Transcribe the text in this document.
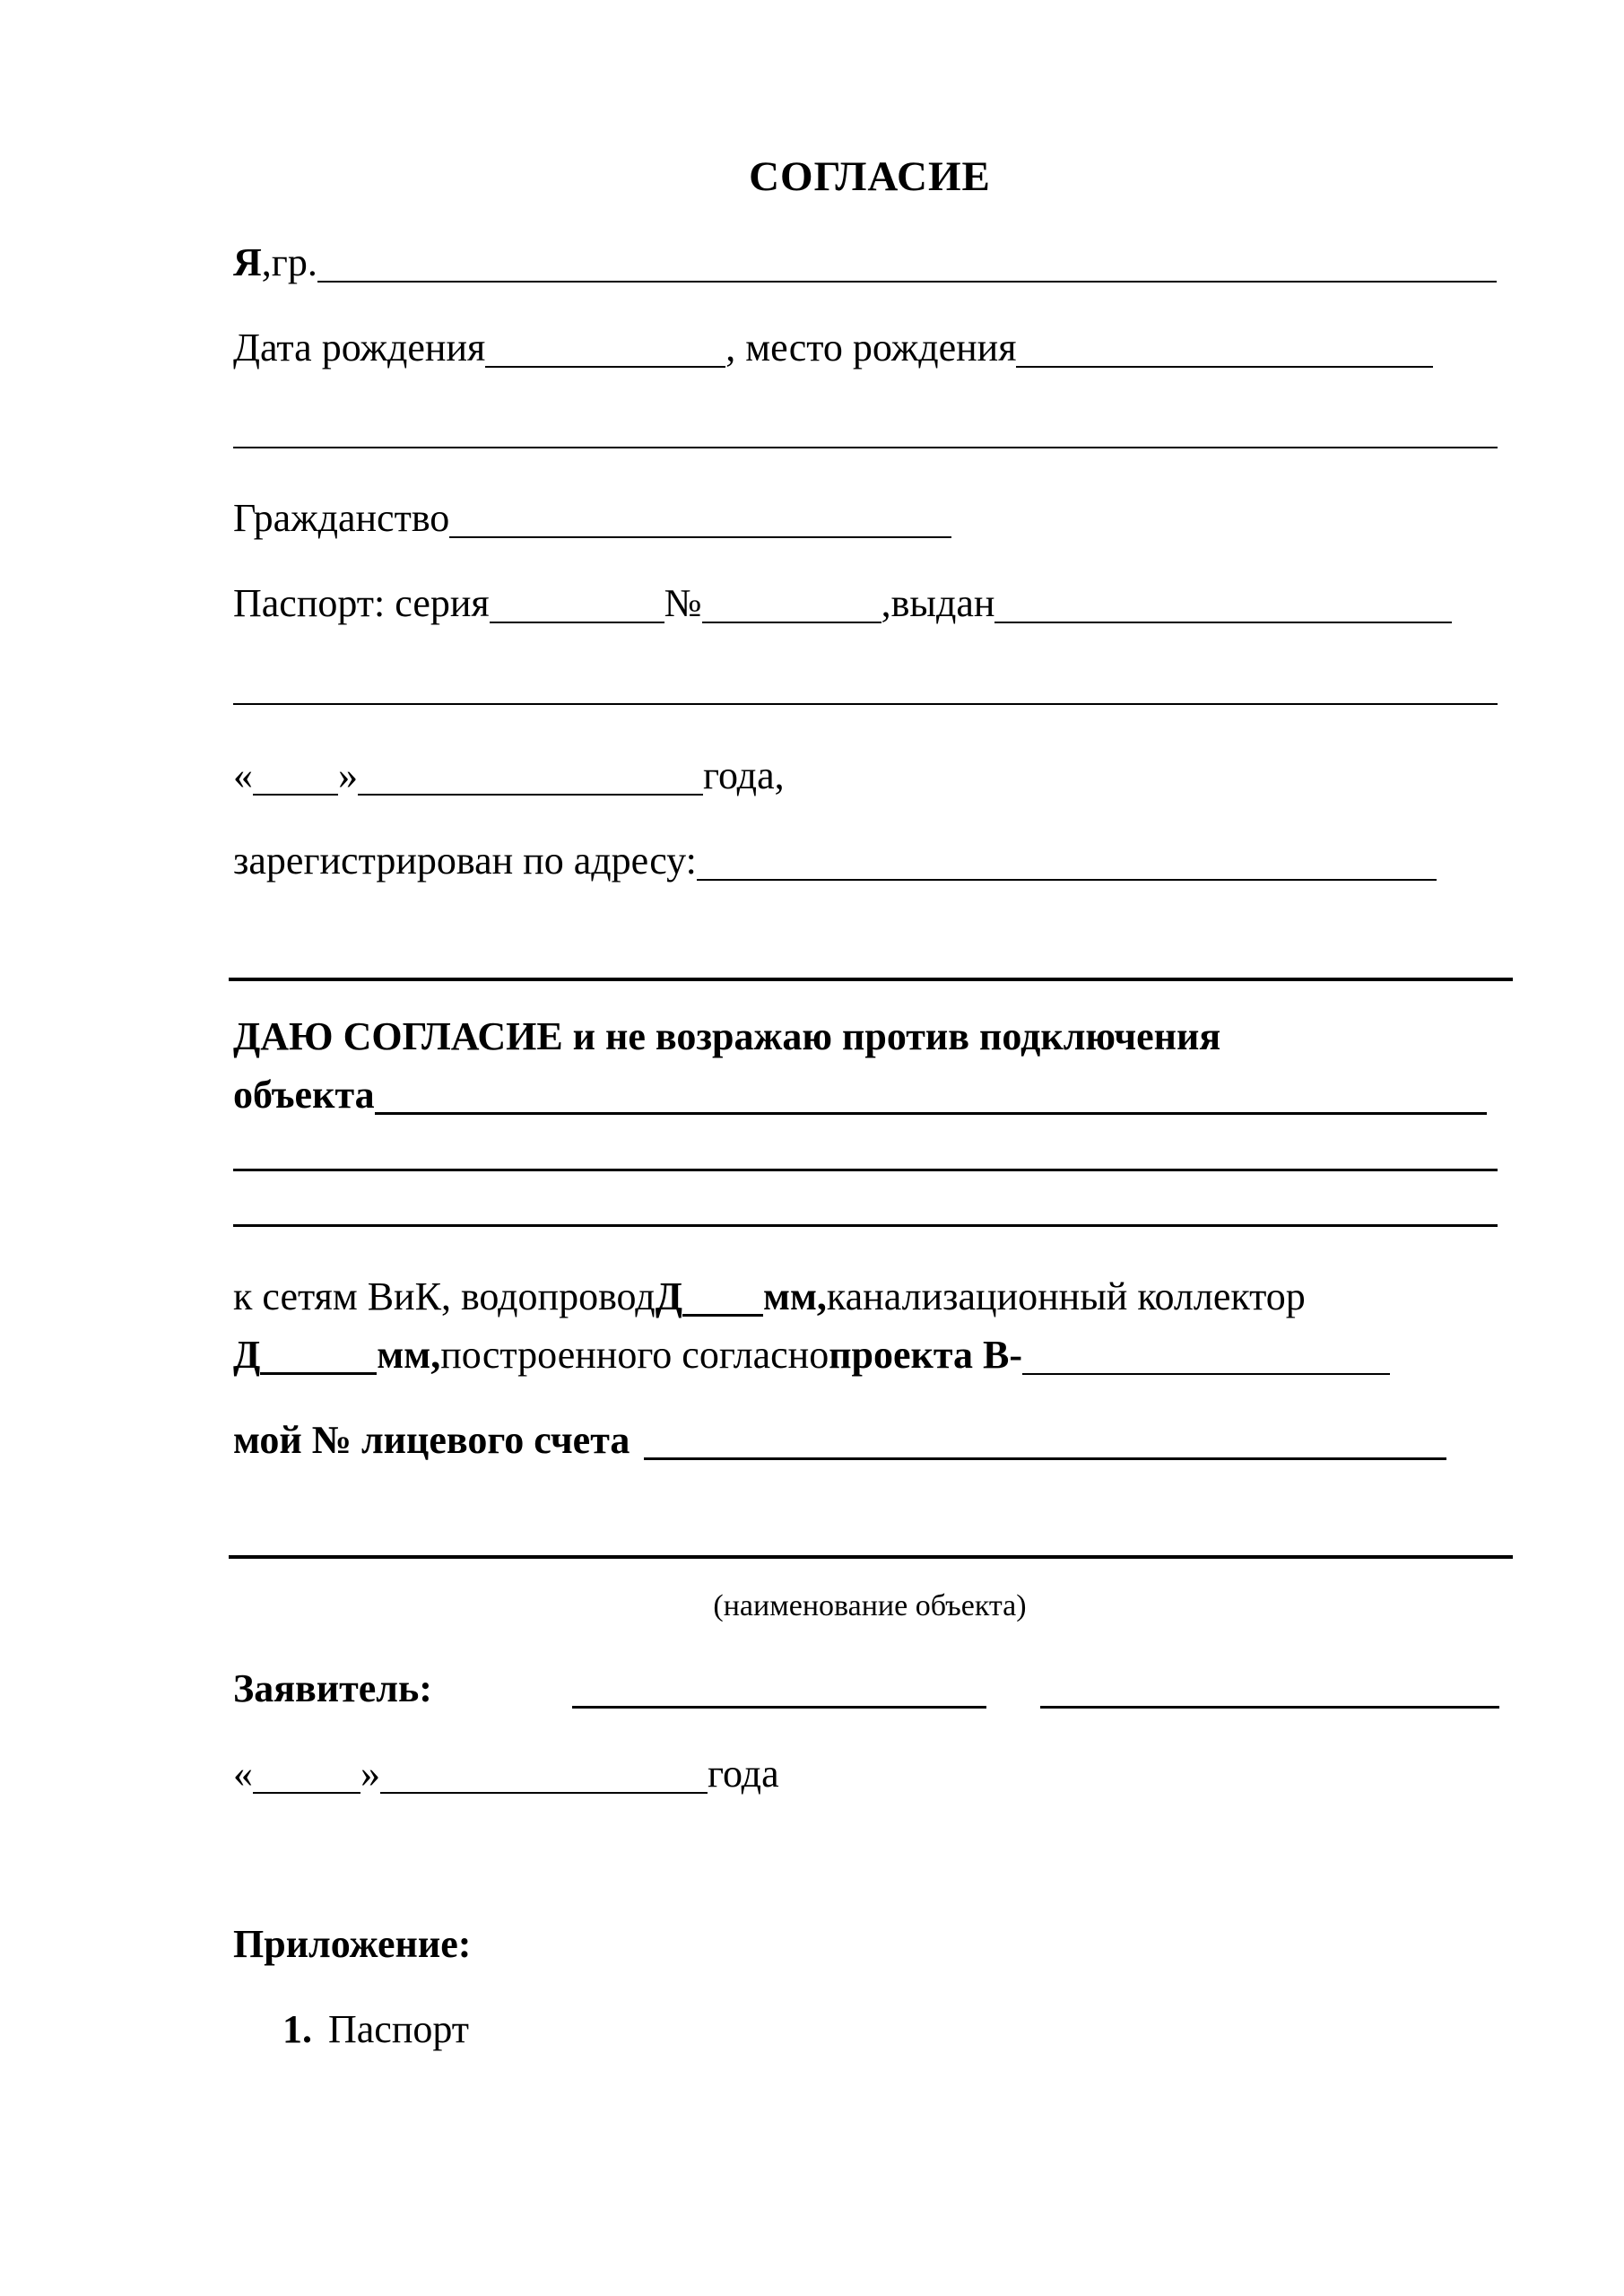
СОГЛАСИЕ
Я ,гр.
Дата рождения	, место рождения
Гражданство
Паспорт: серия	№	,выдан
« »	года,
зарегистрирован по адресу:
ДАЮ СОГЛАСИЕ и не возражаю против подключения
объекта
к сетям ВиК, водопровод Д мм, канализационный коллектор
Д	мм, построенного согласно проекта В-
мой № лицевого счета
(наименование объекта)
Заявитель:
«	»	года
Приложение:
1. Паспорт
